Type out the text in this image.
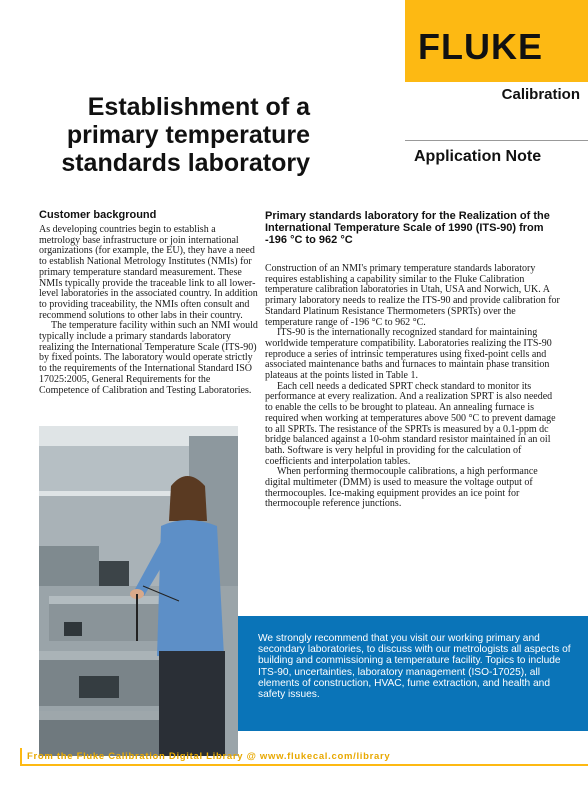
FLUKE
Calibration
Establishment of a
primary temperature
standards laboratory	Application Note
Customer background

As developing countries begin to establish a metrology base infrastructure or join international organizations (for example, the EU), they have a need to establish National Metrology Institutes (NMIs) for primary temperature standard measurement. These NMIs typically provide the traceable link to all lower-level laboratories in the associated country. In addition to providing traceability, the NMIs often consult and recommend solutions to other labs in their country.

The temperature facility within such an NMI would typically include a primary standards laboratory realizing the International Temperature Scale (ITS-90) by fixed points. The laboratory would operate strictly to the requirements of the International Standard ISO 17025:2005, General Requirements for the Competence of Calibration and Testing Laboratories.

Primary standards laboratory for the Realization of the International Temperature Scale of 1990 (ITS-90) from -196 °C to 962 °C

Construction of an NMI's primary temperature standards laboratory requires establishing a capability similar to the Fluke Calibration temperature calibration laboratories in Utah, USA and Norwich, UK. A primary laboratory needs to realize the ITS-90 and provide calibration for Standard Platinum Resistance Thermometers (SPRTs) over the temperature range of -196 °C to 962 °C.

ITS-90 is the internationally recognized standard for maintaining worldwide temperature compatibility. Laboratories realizing the ITS-90 reproduce a series of intrinsic temperatures using fixed-point cells and associated maintenance baths and furnaces to maintain phase transition plateaus at the points listed in Table 1.

Each cell needs a dedicated SPRT check standard to monitor its performance at every realization. And a realization SPRT is also needed to enable the cells to be brought to plateau. An annealing furnace is required when working at temperatures above 500 °C to prevent damage to all SPRTs. The resistance of the SPRTs is measured by a 0.1-ppm dc bridge balanced against a 10-ohm standard resistor maintained in an oil bath. Software is very helpful in providing for the calculation of coefficients and interpolation tables.

When performing thermocouple calibrations, a high performance digital multimeter (DMM) is used to measure the voltage output of thermocouples. Ice-making equipment provides an ice point for thermocouple reference junctions.

We strongly recommend that you visit our working primary and secondary laboratories, to discuss with our metrologists all aspects of building and commissioning a temperature facility. Topics to include ITS-90, uncertainties, laboratory management (ISO-17025), all elements of construction, HVAC, fume extraction, and health and safety issues.
From the Fluke Calibration Digital Library @ www.flukecal.com/library
